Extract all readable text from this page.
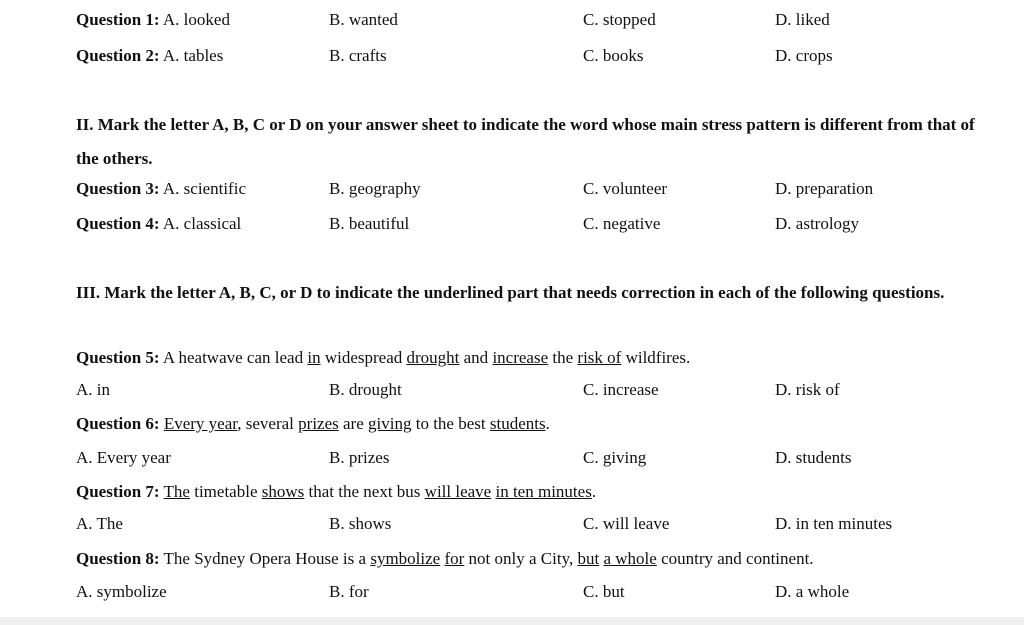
Question 1: A. looked	B. wanted	C. stopped	D. liked
Question 2: A. tables	B. crafts	C. books	D. crops
II. Mark the letter A, B, C or D on your answer sheet to indicate the word whose main stress pattern is different from that of the others.
Question 3: A. scientific	B. geography	C. volunteer	D. preparation
Question 4: A. classical	B. beautiful	C. negative	D. astrology
III. Mark the letter A, B, C, or D to indicate the underlined part that needs correction in each of the following questions.
Question 5: A heatwave can lead in widespread drought and increase the risk of wildfires.
A. in	B. drought	C. increase	D. risk of
Question 6: Every year, several prizes are giving to the best students.
A. Every year	B. prizes	C. giving	D. students
Question 7: The timetable shows that the next bus will leave in ten minutes.
A. The	B. shows	C. will leave	D. in ten minutes
Question 8: The Sydney Opera House is a symbolize for not only a City, but a whole country and continent.
A. symbolize	B. for	C. but	D. a whole
